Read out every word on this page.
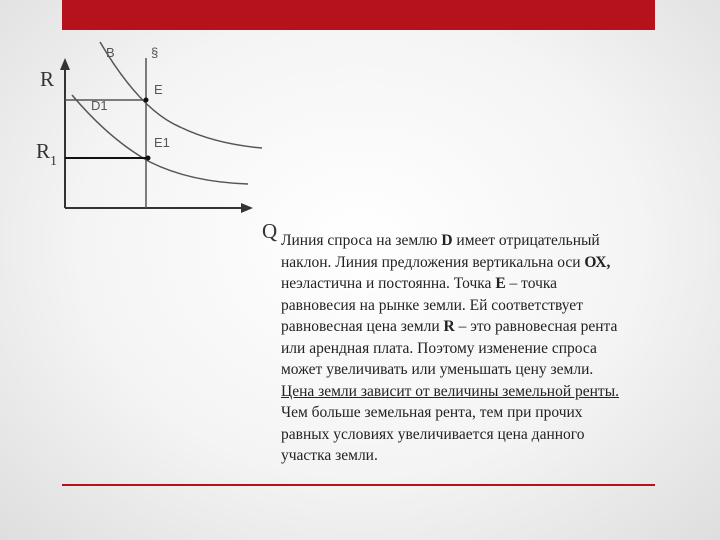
R
$R_1$
Q
B	§
D1
E
E1
Линия спроса на землю D имеет отрицательный
наклон. Линия предложения вертикальна оси ОХ,
неэластична и постоянна. Точка Е – точка
равновесия на рынке земли. Ей соответствует
равновесная цена земли R – это равновесная рента
или арендная плата. Поэтому изменение спроса
может увеличивать или уменьшать цену земли.
Цена земли зависит от величины земельной ренты.
Чем больше земельная рента, тем при прочих
равных условиях увеличивается цена данного
участка земли.
